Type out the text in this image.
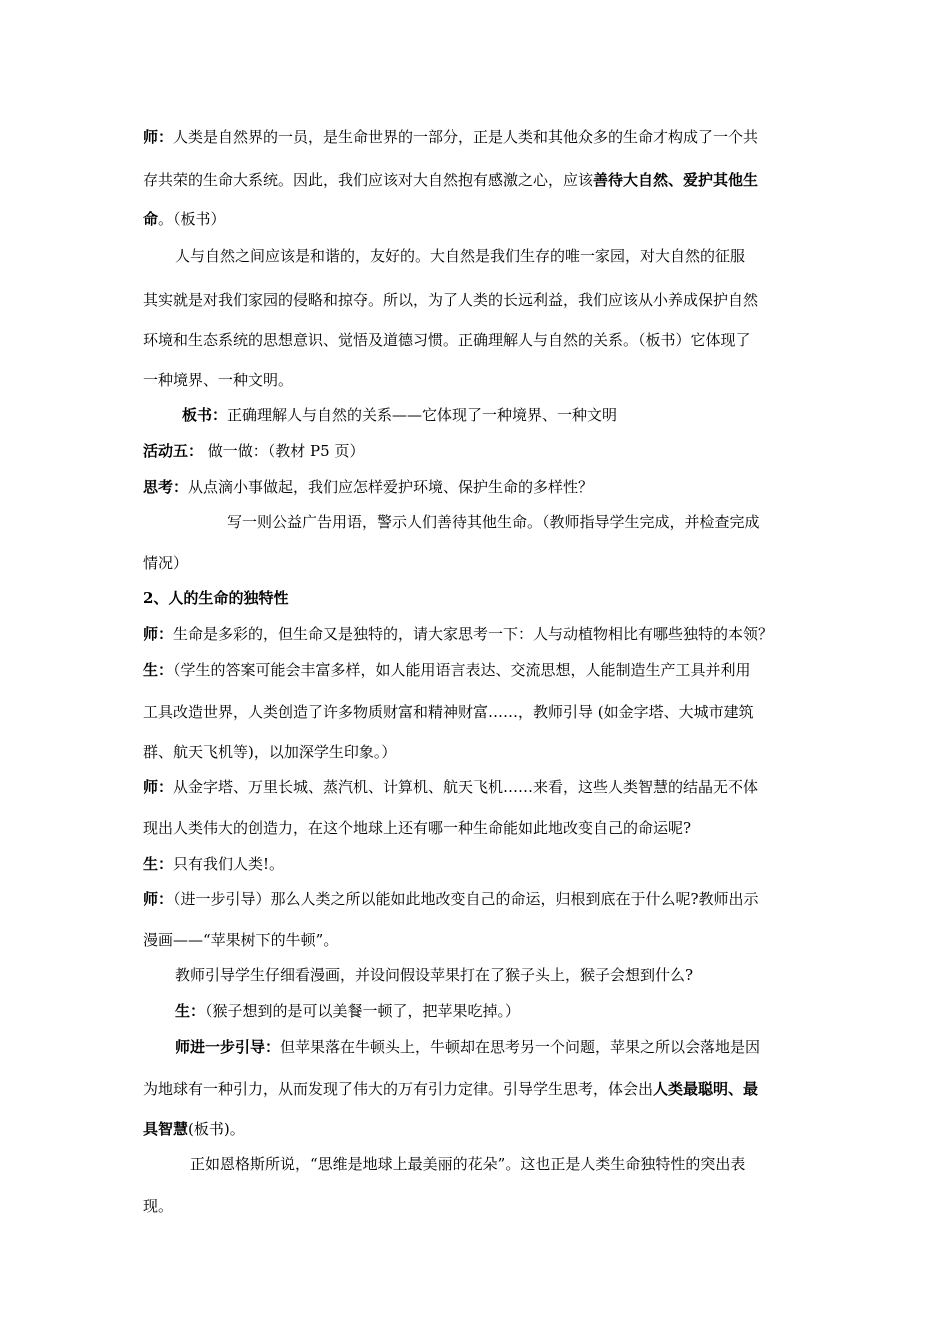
师：人类是自然界的一员，是生命世界的一部分，正是人类和其他众多的生命才构成了一个共
存共荣的生命大系统。因此，我们应该对大自然抱有感激之心，应该善待大自然、爱护其他生
命。（板书）
人与自然之间应该是和谐的，友好的。大自然是我们生存的唯一家园，对大自然的征服
其实就是对我们家园的侵略和掠夺。所以，为了人类的长远利益，我们应该从小养成保护自然
环境和生态系统的思想意识、觉悟及道德习惯。正确理解人与自然的关系。（板书）它体现了
一种境界、一种文明。
板书：正确理解人与自然的关系——它体现了一种境界、一种文明
活动五： 做一做：（教材 P5 页）
思考：从点滴小事做起，我们应怎样爱护环境、保护生命的多样性？
写一则公益广告用语，警示人们善待其他生命。（教师指导学生完成，并检查完成
情况）
2、人的生命的独特性
师：生命是多彩的，但生命又是独特的，请大家思考一下：人与动植物相比有哪些独特的本领？
生：（学生的答案可能会丰富多样，如人能用语言表达、交流思想，人能制造生产工具并利用
工具改造世界，人类创造了许多物质财富和精神财富……，教师引导 (如金字塔、大城市建筑
群、航天飞机等)，以加深学生印象。）
师：从金字塔、万里长城、蒸汽机、计算机、航天飞机……来看，这些人类智慧的结晶无不体
现出人类伟大的创造力，在这个地球上还有哪一种生命能如此地改变自己的命运呢?
生：只有我们人类!。
师：（进一步引导）那么人类之所以能如此地改变自己的命运，归根到底在于什么呢?教师出示
漫画——“苹果树下的牛顿”。
教师引导学生仔细看漫画，并设问假设苹果打在了猴子头上，猴子会想到什么?
生：（猴子想到的是可以美餐一顿了，把苹果吃掉。）
师进一步引导：但苹果落在牛顿头上，牛顿却在思考另一个问题，苹果之所以会落地是因
为地球有一种引力，从而发现了伟大的万有引力定律。引导学生思考，体会出人类最聪明、最
具智慧(板书)。
正如恩格斯所说，“思维是地球上最美丽的花朵”。这也正是人类生命独特性的突出表
现。
